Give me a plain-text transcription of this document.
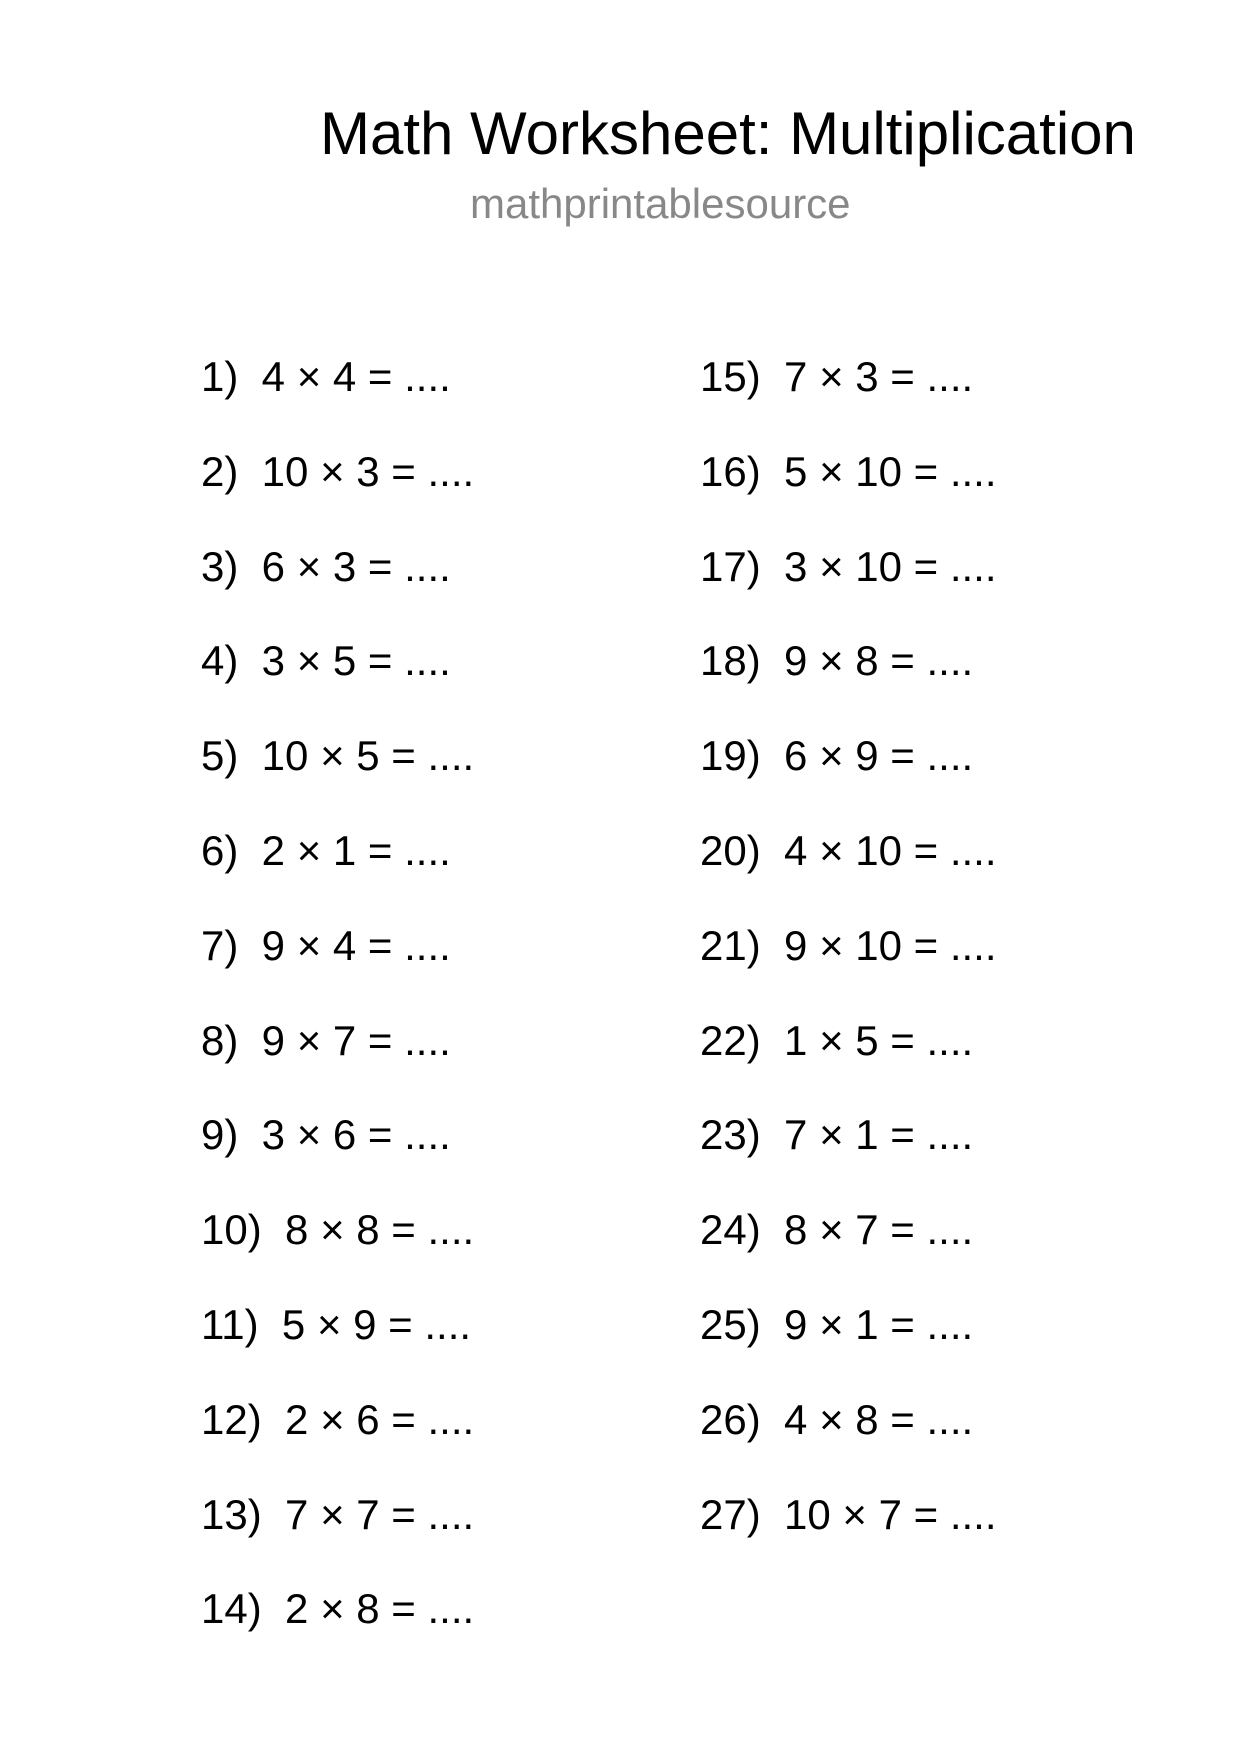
Math Worksheet: Multiplication
mathprintablesource
1)  4 × 4 = ....
2)  10 × 3 = ....
3)  6 × 3 = ....
4)  3 × 5 = ....
5)  10 × 5 = ....
6)  2 × 1 = ....
7)  9 × 4 = ....
8)  9 × 7 = ....
9)  3 × 6 = ....
10)  8 × 8 = ....
11)  5 × 9 = ....
12)  2 × 6 = ....
13)  7 × 7 = ....
14)  2 × 8 = ....
15)  7 × 3 = ....
16)  5 × 10 = ....
17)  3 × 10 = ....
18)  9 × 8 = ....
19)  6 × 9 = ....
20)  4 × 10 = ....
21)  9 × 10 = ....
22)  1 × 5 = ....
23)  7 × 1 = ....
24)  8 × 7 = ....
25)  9 × 1 = ....
26)  4 × 8 = ....
27)  10 × 7 = ....
